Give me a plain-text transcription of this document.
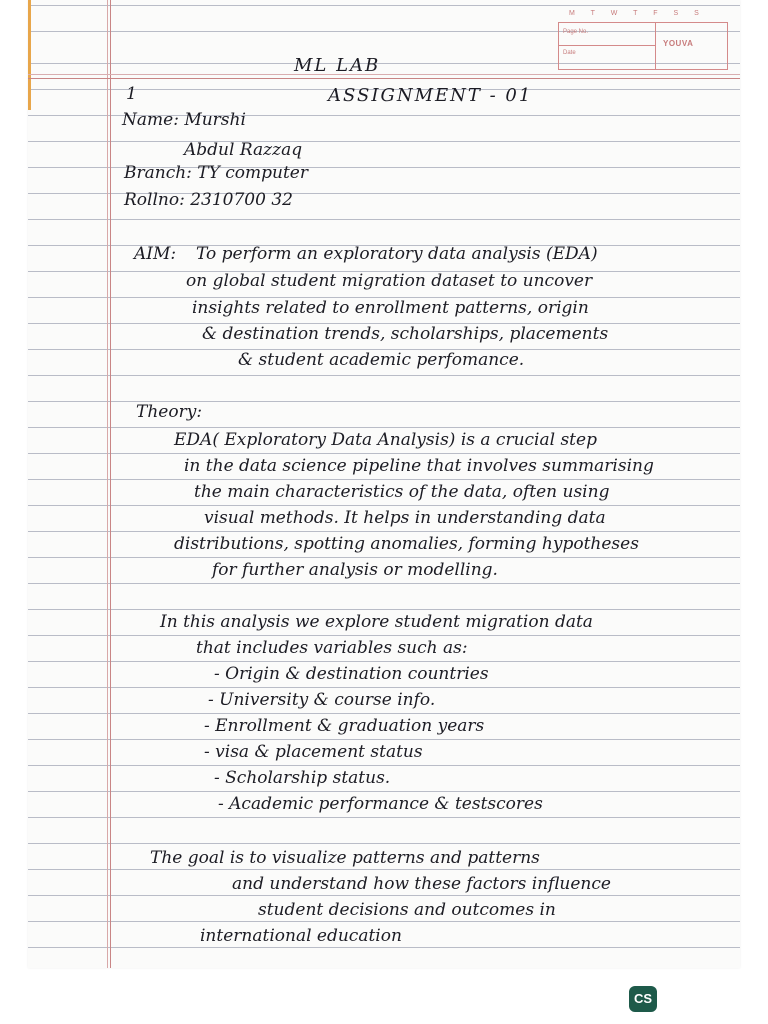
M T W T F S S
Page No.
Date
YOUVA
ML LAB
1	ASSIGNMENT - 01
Name: Murshi
Abdul Razzaq
Branch: TY computer
Rollno: 2310700 32
AIM: To perform an exploratory data analysis (EDA)
on global student migration dataset to uncover
insights related to enrollment patterns, origin
& destination trends, scholarships, placements
& student academic perfomance.
Theory:
EDA( Exploratory Data Analysis) is a crucial step
in the data science pipeline that involves summarising
the main characteristics of the data, often using
visual methods. It helps in understanding data
distributions, spotting anomalies, forming hypotheses
for further analysis or modelling.
In this analysis we explore student migration data
that includes variables such as:
- Origin & destination countries
- University & course info.
- Enrollment & graduation years
- visa & placement status
- Scholarship status.
- Academic performance & testscores
The goal is to visualize patterns and patterns
and understand how these factors influence
student decisions and outcomes in
international education
CS
